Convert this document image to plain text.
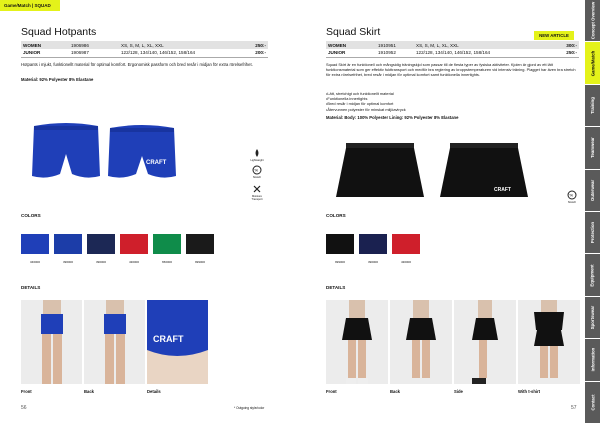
Game/Match | SQUAD
Squad Hotpants
WOMEN	1906986	XS, S, M, L, XL, XXL	250:-
JUNIOR	1906987	122/128, 134/140, 146/152, 158/164	200:-
Hotpants i mjukt, funktionellt material för optimal komfort. Ergonomisk passform och bred resår i midjan för extra rörelsefrihet.
Material: 92% Polyester 8% Elastane
CRAFT	Lightweight
%
Stretch
Moisture Transport
COLORS
346000	396000	390000	430000	650000	999000
DETAILS
CRAFT
Front	Back	Details
56	* Outgoing style/color
Squad Skirt	NEW ARTICLE
WOMEN	1910951	XS, S, M, L, XL, XXL	300:-
JUNIOR	1910952	122/128, 134/140, 146/152, 158/164	250:-
Squad Skirt är en funktionell och mångsidig träningskjol som passar till de flesta typer av fysiska aktiviteter. Kjolen är gjord av ett lätt funktionsmaterial som ger effektiv fukttransport och medför bra reglering av kroppstemperaturen vid intensiv träning. Plagget har även bra stretch för extra rörelsefrihet, bred resår i midjan för optimal komfort samt funktionella innertights.
•Lätt, stretchigt och funktionellt material
•Funktionella innertights
•Bred resår i midjan för optimal komfort
•Återvunnen polyester för minskat miljöavtryck
Material: Body: 100% Polyester Lining: 92% Polyester 8% Elastane
CRAFT
%
Stretch
COLORS
999000	390000	430000
DETAILS
Front	Back	Side	With t-shirt
57
Concept Overview
Game/Match
Training
Teamwear
Outerwear
Protection
Equipment
Sportswear
Information
Contact
